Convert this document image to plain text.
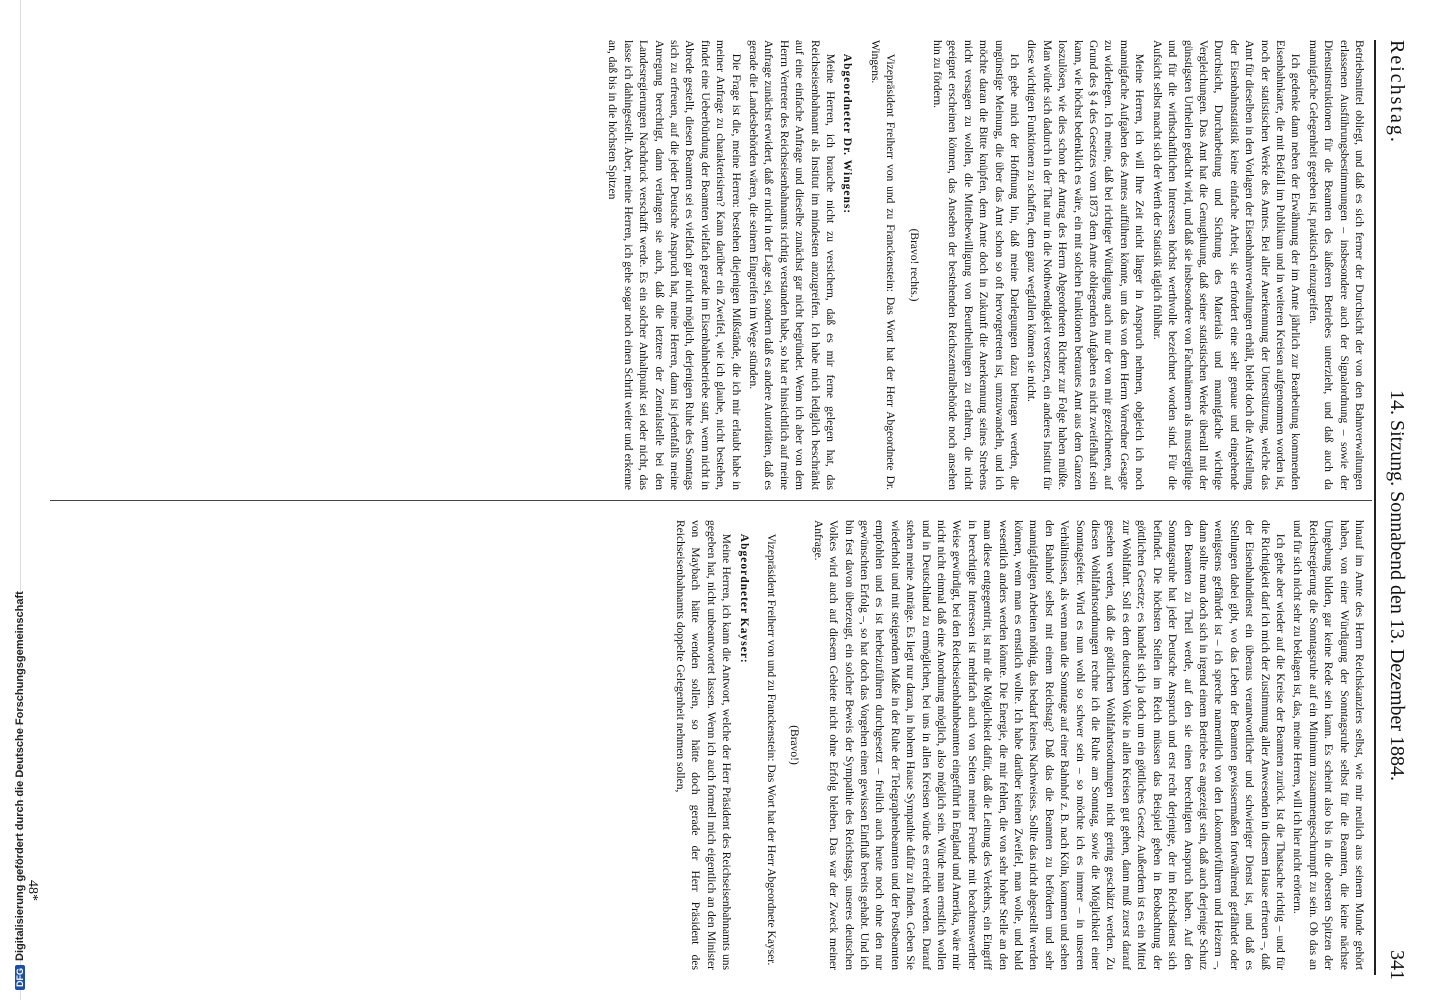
DFGDigitalisierung gefördert durch die Deutsche Forschungsgemeinschaft
Reichstag.
14. Sitzung. Sonnabend den 13. Dezember 1884.
341

Betriebsmittel obliegt, und daß es sich ferner der Durchsicht der von den Bahnverwaltungen erlassenen Ausführungsbestimmungen – insbesondere auch der Signalordnung – sowie der Dienstinstruktionen für die Beamten des äußeren Betriebes unterzieht, und daß auch da mannigfache Gelegenheit gegeben ist, praktisch einzugreifen.

Ich gedenke dann neben der Erwähnung der im Amte jährlich zur Bearbeitung kommenden Eisenbahnkarte, die mit Beifall im Publikum und in weiteren Kreisen aufgenommen worden ist, noch der statistischen Werke des Amtes. Bei aller Anerkennung der Unterstützung, welche das Amt für dieselben in den Vorlagen der Eisenbahnverwaltungen erhält, bleibt doch die Aufstellung der Eisenbahnstatistik keine einfache Arbeit, sie erfordert eine sehr genaue und eingehende Durchsicht, Durcharbeitung und Sichtung des Materials und mannigfache wichtige Vergleichungen. Das Amt hat die Genugthuung, daß seiner statistischen Werke überall mit der günstigsten Urtheilen gedacht wird, und daß sie insbesondere von Fachmännern als mustergiltige und für die wirthschaftlichen Interessen höchst werthvolle bezeichnet worden sind. Für die Aufsicht selbst macht sich der Werth der Statistik täglich fühlbar.

Meine Herren, ich will Ihre Zeit nicht länger in Anspruch nehmen, obgleich ich noch mannigfache Aufgaben des Amtes aufführen könnte, um das von dem Herrn Vorredner Gesagte zu widerlegen. Ich meine, daß bei richtiger Würdigung auch nur der von mir gezeichneten, auf Grund des § 4 des Gesetzes vom 1873 dem Amte obliegenden Aufgaben es nicht zweifelhaft sein kann, wie höchst bedenklich es wäre, ein mit solchen Funktionen betrautes Amt aus dem Ganzen loszulösen, wie dies schon der Antrag des Herrn Abgeordneten Richter zur Folge haben müßte. Man würde sich dadurch in der That nur in die Nothwendigkeit versetzen, ein anderes Institut für diese wichtigen Funktionen zu schaffen, dem ganz wegfallen können sie nicht.

Ich gebe mich der Hoffnung hin, daß meine Darlegungen dazu beitragen werden, die ungünstige Meinung, die über das Amt schon so oft hervorgetreten ist, umzuwandeln, und ich möchte daran die Bitte knüpfen, dem Amte doch in Zukunft die Anerkennung seines Strebens nicht versagen zu wollen, die Mittelbewilligung von Beurtheilungen zu erfahren, die nicht geeignet erscheinen können, das Ansehen der bestehenden Reichszentralbehörde noch ansehen hin zu fördern.

(Bravo! rechts.)

Vizepräsident Freiherr von und zu Franckenstein: Das Wort hat der Herr Abgeordnete Dr. Wingens.

Abgeordneter Dr. Wingens:

Meine Herren, ich brauche nicht zu versichern, daß es mir ferne gelegen hat, das Reichseisenbahnamt als Institut im mindesten anzugreifen. Ich habe mich lediglich beschränkt auf eine einfache Anfrage und dieselbe zunächst gar nicht begründet. Wenn ich aber von dem Herrn Vertreter des Reichseisenbahnamts richtig verstanden habe, so hat er hinsichtlich auf meine Anfrage zunächst erwidert, daß er nicht in der Lage sei, sondern daß es andere Autoritäten, daß es gerade die Landesbehörden wären, die seinem Eingreifen im Wege stünden.

Die Frage ist die, meine Herren: bestehen diejenigen Mißstände, die ich mir erlaubt habe in meiner Anfrage zu charakterisiren? Kann darüber ein Zweifel, wie ich glaube, nicht bestehen, findet eine Ueberbürdung der Beamten vielfach gerade im Eisenbahnbetriebe statt, wenn nicht in Abrede gestellt, diesen Beamten sei es vielfach gar nicht möglich, derjenigen Ruhe des Sonntags sich zu erfreuen, auf die jeder Deutsche Anspruch hat, meine Herren, dann ist jedenfalls meine Anregung berechtigt, dann verlangen sie auch, daß die letztere der Zentralstelle bei den Landesregierungen Nachdruck verschafft werde. Es ein solcher Anhaltpunkt sei oder nicht, das lasse ich dahingestellt. Aber, meine Herren, ich gehe sogar noch einen Schritt weiter und erkenne an, daß bis in die höchsten Spitzen

hinauf im Amte des Herrn Reichskanzlers selbst, wie mir neulich aus seinem Munde gehört haben, von einer Würdigung der Sonntagsruhe selbst für die Beamten, die keine nächste Umgebung bilden, gar keine Rede sein kann. Es scheint also bis in die obersten Spitzen der Reichsregierung die Sonntagsruhe auf ein Minimum zusammengeschrumpft zu sein. Ob das an und für sich nicht sehr zu beklagen ist, das, meine Herren, will ich hier nicht erörtern.

Ich gehe aber wieder auf die Kreise der Beamten zurück. Ist die Thatsache richtig – und für die Richtigkeit darf ich mich der Zustimmung aller Anwesenden in diesem Hause erfreuen –, daß der Eisenbahndienst ein überaus verantwortlicher und schwieriger Dienst ist, und daß es Stellungen dabei gibt, wo das Leben der Beamten gewissermaßen fortwährend gefährdet oder wenigstens gefährdet ist – ich spreche namentlich von den Lokomotivführern und Heizern –, dann sollte man doch sich in irgend einem Betriebe es angezeigt sein, daß auch derjenige Schutz den Beamten zu Theil werde, auf den sie einen berechtigten Anspruch haben. Auf den Sonntagsruhe hat jeder Deutsche Anspruch und erst recht derjenige, der im Reichsdienst sich befindet. Die höchsten Stellen im Reich müssen das Beispiel geben in Beobachtung der göttlichen Gesetze; es handelt sich ja doch um ein göttliches Gesetz. Außerdem ist es ein Mittel zur Wohlfahrt. Soll es dem deutschen Volke in allen Kreisen gut gehen, dann muß zuerst darauf gesehen werden, daß die göttlichen Wohlfahrtsordnungen nicht gering geschätzt werden. Zu diesen Wohlfahrtsordnungen rechne ich die Ruhe am Sonntag, sowie die Möglichkeit einer Sonntagsfeier. Wird es nun wohl so schwer sein – so möchte ich es immer – in unseren Verhältnissen, als wenn man die Sonntage auf einer Bahnhof z. B. nach Köln, kommen und sehen den Bahnhof selbst mit einem Reichstag? Daß das die Beamten zu befördern und sehr mannigfaltigen Arbeiten nöthig, das bedarf keines Nachweises. Sollte das nicht abgestellt werden können, wenn man es ernstlich wollte. Ich habe darüber keinen Zweifel, man wolle, und bald wesentlich anders werden könnte. Die Energie, die mir fehlen, die von sehr hoher Stelle an den man diese entgegentritt, ist mir die Möglichkeit dafür, daß die Leitung des Verkehrs, ein Eingriff in berechtigte Interessen ist mehrfach auch von Seiten meiner Freunde mit beachtenswerther Weise gewürdigt, bei den Reichseisenbahnbeamten eingeführt in England und Amerika, wäre mir nicht nicht einmal daß eine Anordnung möglich, also möglich sein. Würde man ernstlich wollen und in Deutschland zu ermöglichen, bei uns in allen Kreisen würde es erreicht werden. Darauf stehen meine Anträge. Es liegt nur daran, in hohem Hause Sympathie dafür zu finden. Geben Sie wiederholt und mit steigendem Maße in der Ruhe der Telegraphenbeamten und der Postbeamten empfohlen und es ist herbeizuführen durchgesetzt – freilich auch heute noch ohne den nur gewünschten Erfolg –, so hat doch das Vorgehen einen gewissen Einfluß bereits gehabt. Und ich bin fest davon überzeugt, ein solcher Beweis der Sympathie des Reichstags, unseres deutschen Volkes wird auch auf diesem Gebiete nicht ohne Erfolg bleiben. Das war der Zweck meiner Anfrage.

(Bravo!)

Vizepräsident Freiherr von und zu Franckenstein: Das Wort hat der Herr Abgeordnete Kayser.

Abgeordneter Kayser:

Meine Herren, ich kann die Antwort, welche der Herr Präsident des Reichseisenbahnamts uns gegeben hat, nicht unbeantwortet lassen. Wenn ich auch formell mich eigentlich an den Minister von Maybach hätte wenden sollen, so hätte doch gerade der Herr Präsident des Reichseisenbahnamts doppelte Gelegenheit nehmen sollen,

48*
